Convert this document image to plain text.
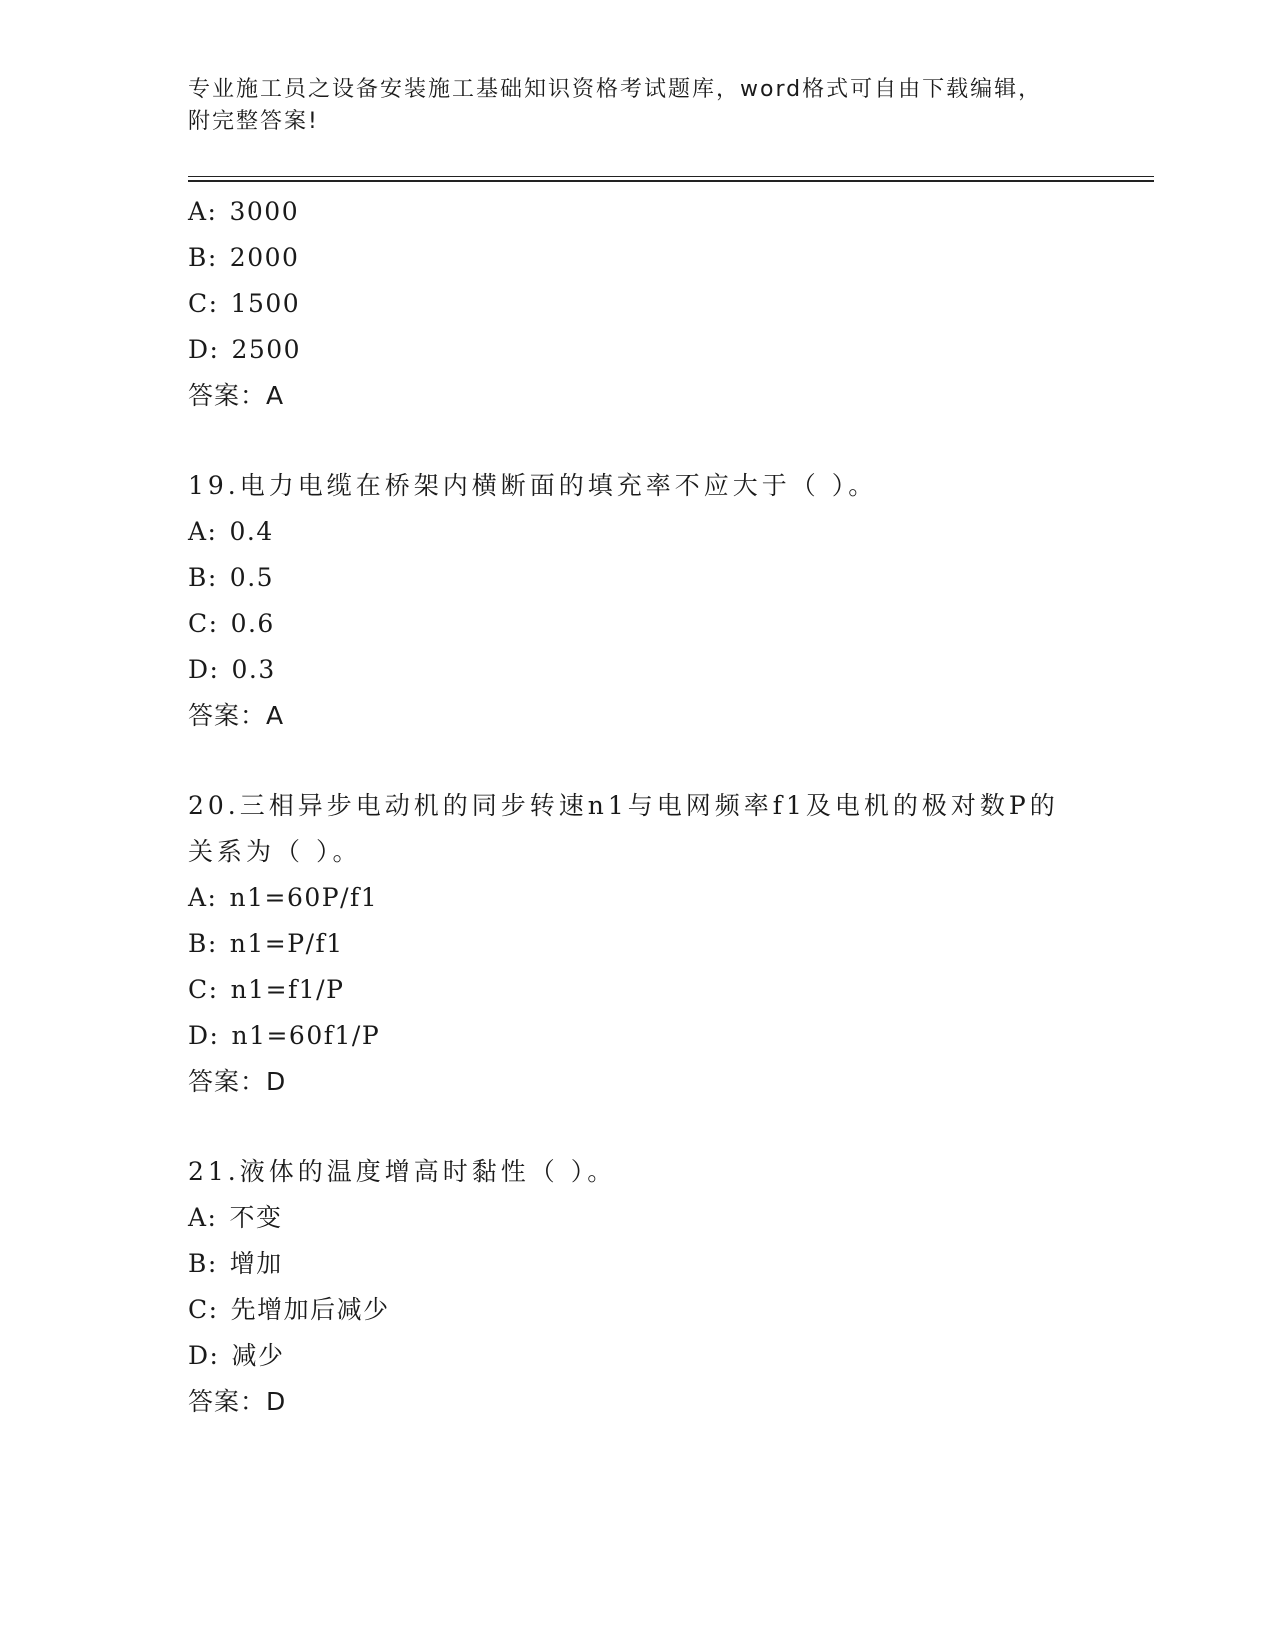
专业施工员之设备安装施工基础知识资格考试题库，word格式可自由下载编辑，
附完整答案!
A: 3000
B: 2000
C: 1500
D: 2500
答案：A
19.电力电缆在桥架内横断面的填充率不应大于（ ）。
A: 0.4
B: 0.5
C: 0.6
D: 0.3
答案：A
20.三相异步电动机的同步转速n1与电网频率f1及电机的极对数P的
关系为（ ）。
A: n1=60P/f1
B: n1=P/f1
C: n1=f1/P
D: n1=60f1/P
答案：D
21.液体的温度增高时黏性（ ）。
A: 不变
B: 增加
C: 先增加后减少
D: 减少
答案：D
